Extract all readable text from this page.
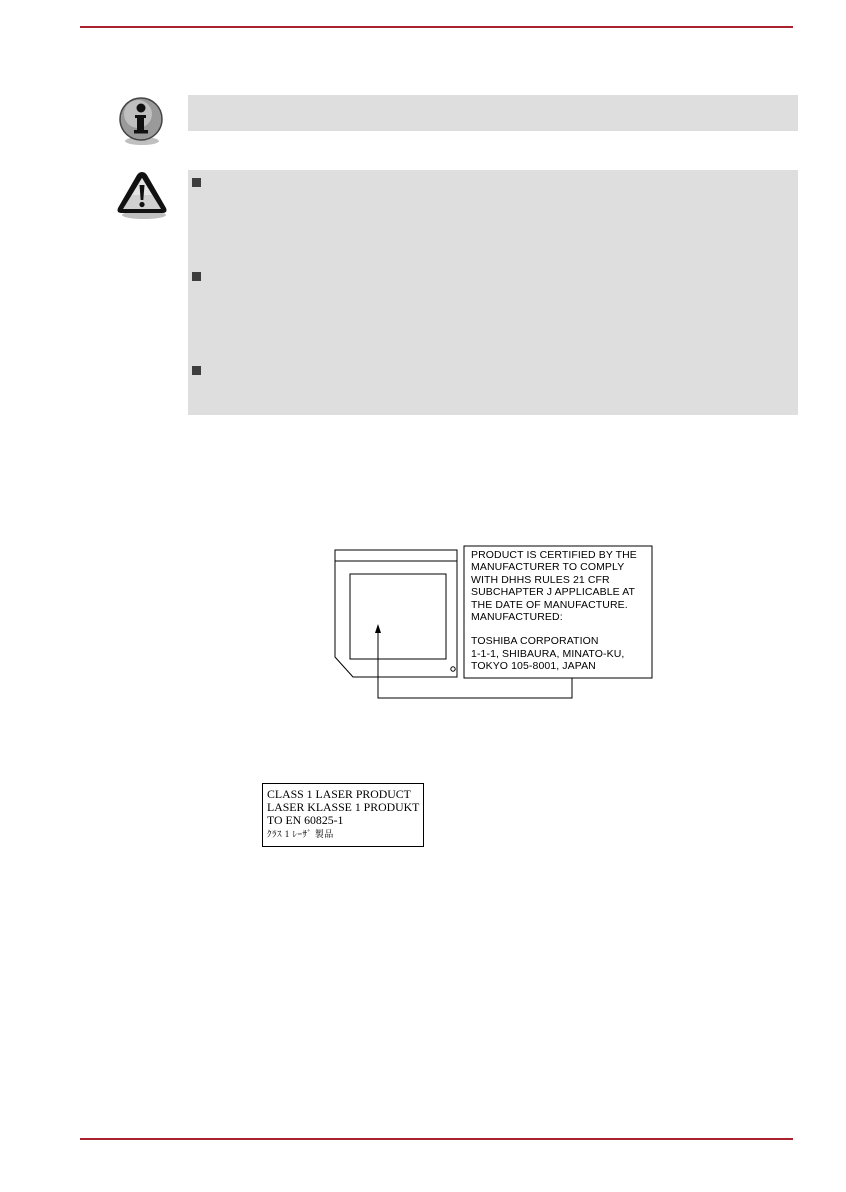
PRODUCT IS CERTIFIED BY THE
MANUFACTURER TO COMPLY
WITH DHHS RULES 21 CFR
SUBCHAPTER J APPLICABLE AT
THE DATE OF MANUFACTURE.
MANUFACTURED:
TOSHIBA CORPORATION
1-1-1, SHIBAURA, MINATO-KU,
TOKYO 105-8001, JAPAN
CLASS 1 LASER PRODUCT
LASER KLASSE 1 PRODUKT
TO EN 60825-1
ｸﾗｽ 1 ﾚｰｻﾞ 製品
